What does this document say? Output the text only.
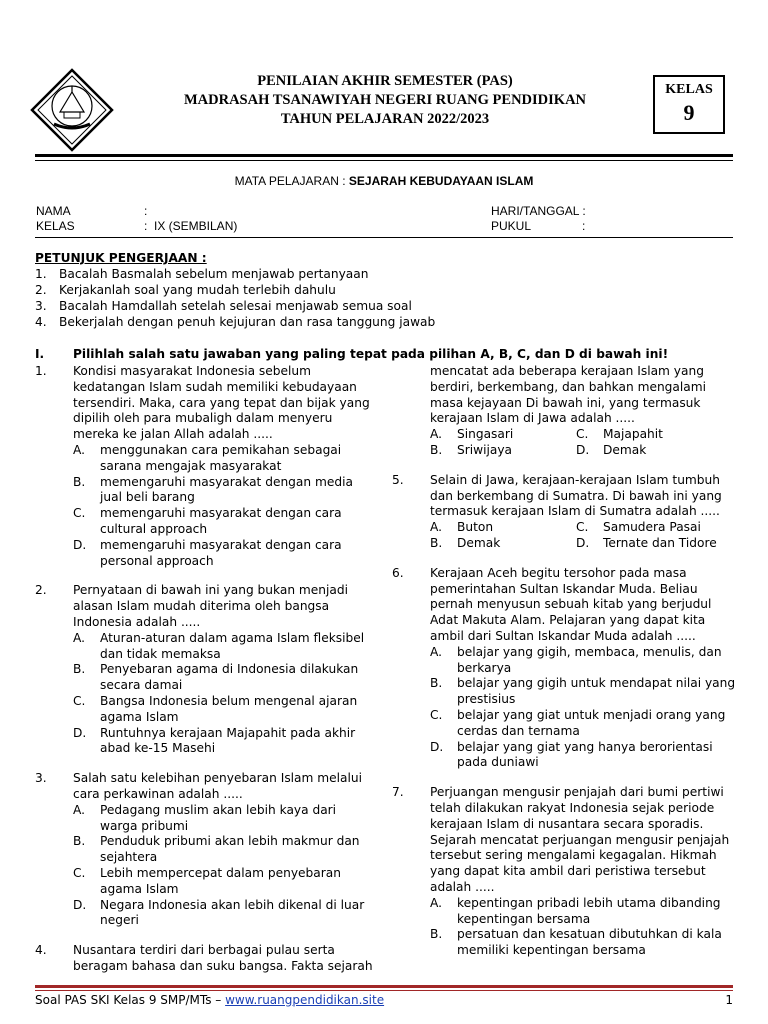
PENILAIAN AKHIR SEMESTER (PAS)
MADRASAH TSANAWIYAH NEGERI RUANG PENDIDIKAN
TAHUN PELAJARAN 2022/2023
KELAS
9
MATA PELAJARAN : SEJARAH KEBUDAYAAN ISLAM
NAMA	:
KELAS	: IX (SEMBILAN)
HARI/TANGGAL :
PUKUL	:
PETUNJUK PENGERJAAN :
1.	Bacalah Basmalah sebelum menjawab pertanyaan
2.	Kerjakanlah soal yang mudah terlebih dahulu
3.	Bacalah Hamdallah setelah selesai menjawab semua soal
4.	Bekerjalah dengan penuh kejujuran dan rasa tanggung jawab
I.	Pilihlah salah satu jawaban yang paling tepat pada pilihan A, B, C, dan D di bawah ini!
1.	Kondisi masyarakat Indonesia sebelum kedatangan Islam sudah memiliki kebudayaan tersendiri. Maka, cara yang tepat dan bijak yang dipilih oleh para mubaligh dalam menyeru mereka ke jalan Allah adalah .....
A.	menggunakan cara pemikahan sebagai sarana mengajak masyarakat
B.	memengaruhi masyarakat dengan media jual beli barang
C.	memengaruhi masyarakat dengan cara cultural approach
D.	memengaruhi masyarakat dengan cara personal approach
2.	Pernyataan di bawah ini yang bukan menjadi alasan Islam mudah diterima oleh bangsa Indonesia adalah .....
A.	Aturan-aturan dalam agama Islam fleksibel dan tidak memaksa
B.	Penyebaran agama di Indonesia dilakukan secara damai
C.	Bangsa Indonesia belum mengenal ajaran agama Islam
D.	Runtuhnya kerajaan Majapahit pada akhir abad ke-15 Masehi
3.	Salah satu kelebihan penyebaran Islam melalui cara perkawinan adalah .....
A.	Pedagang muslim akan lebih kaya dari warga pribumi
B.	Penduduk pribumi akan lebih makmur dan sejahtera
C.	Lebih mempercepat dalam penyebaran agama Islam
D.	Negara Indonesia akan lebih dikenal di luar negeri
4.	Nusantara terdiri dari berbagai pulau serta beragam bahasa dan suku bangsa. Fakta sejarah
mencatat ada beberapa kerajaan Islam yang berdiri, berkembang, dan bahkan mengalami masa kejayaan Di bawah ini, yang termasuk kerajaan Islam di Jawa adalah .....
A.	Singasari	C.	Majapahit
B.	Sriwijaya	D.	Demak
5.	Selain di Jawa, kerajaan-kerajaan Islam tumbuh dan berkembang di Sumatra. Di bawah ini yang termasuk kerajaan Islam di Sumatra adalah .....
A.	Buton	C.	Samudera Pasai
B.	Demak	D.	Ternate dan Tidore
6.	Kerajaan Aceh begitu tersohor pada masa pemerintahan Sultan Iskandar Muda. Beliau pernah menyusun sebuah kitab yang berjudul Adat Makuta Alam. Pelajaran yang dapat kita ambil dari Sultan Iskandar Muda adalah .....
A.	belajar yang gigih, membaca, menulis, dan berkarya
B.	belajar yang gigih untuk mendapat nilai yang prestisius
C.	belajar yang giat untuk menjadi orang yang cerdas dan ternama
D.	belajar yang giat yang hanya berorientasi pada duniawi
7.	Perjuangan mengusir penjajah dari bumi pertiwi telah dilakukan rakyat Indonesia sejak periode kerajaan Islam di nusantara secara sporadis. Sejarah mencatat perjuangan mengusir penjajah tersebut sering mengalami kegagalan. Hikmah yang dapat kita ambil dari peristiwa tersebut adalah .....
A.	kepentingan pribadi lebih utama dibanding kepentingan bersama
B.	persatuan dan kesatuan dibutuhkan di kala memiliki kepentingan bersama
Soal PAS SKI Kelas 9 SMP/MTs – www.ruangpendidikan.site	1
